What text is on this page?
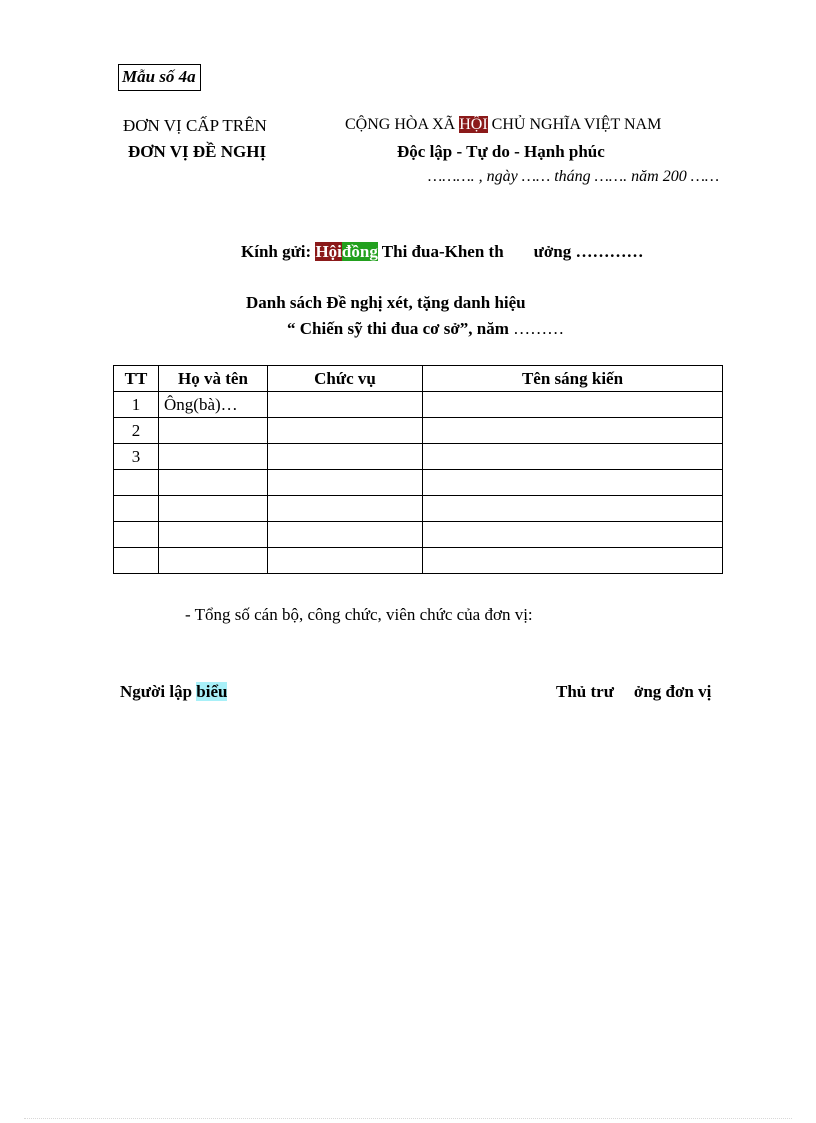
Mẫu số 4a
ĐƠN VỊ CẤP TRÊN
ĐƠN VỊ ĐỀ NGHỊ
CỘNG HÒA XÃ HỘI CHỦ NGHĨA VIỆT NAM
Độc lập - Tự do - Hạnh phúc
………. , ngày …… tháng ……. năm 200 ……
Kính gửi: Hộiđồng Thi đua-Khen th ưởng …………
Danh sách Đề nghị xét, tặng danh hiệu
“ Chiến sỹ thi đua cơ sở”, năm ………
TT	Họ và tên	Chức vụ	Tên sáng kiến
1	Ông(bà)…		
2			
3			

- Tổng số cán bộ, công chức, viên chức của đơn vị:
Người lập biểu	Thủ trư ởng đơn vị
